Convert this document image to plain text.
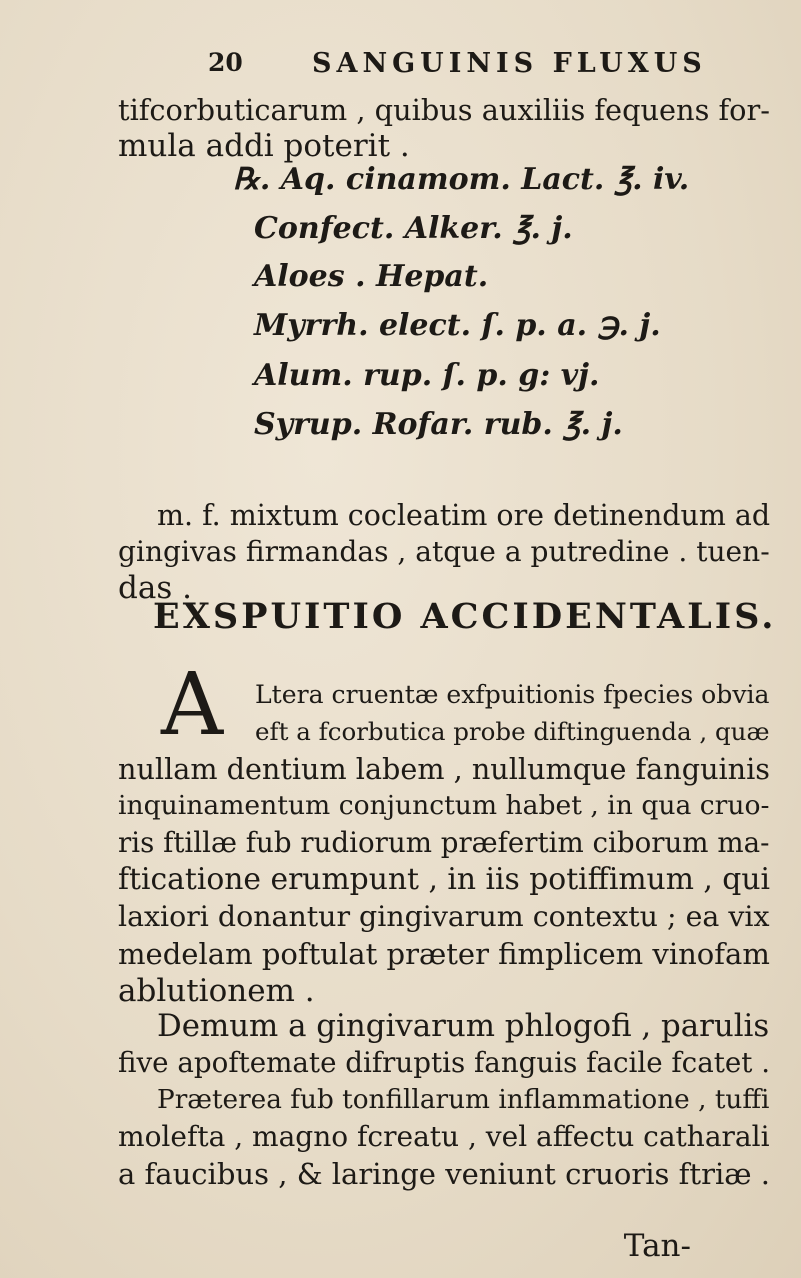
20	SANGUINIS FLUXUS
tifcorbuticarum , quibus auxiliis fequens for-
mula addi poterit .
℞. Aq. cinamom. Lact. ℥. iv.
Confect. Alker. ℥. j.
Aloes . Hepat.
Myrrh. elect. ſ. p. a. ℈. j.
Alum. rup. ſ. p. g: vj.
Syrup. Rofar. rub. ℥. j.
m. f. mixtum cocleatim ore detinendum ad
gingivas firmandas , atque a putredine . tuen-
das .
EXSPUITIO ACCIDENTALIS.
A Ltera cruentæ exfpuitionis fpecies obvia
eft a fcorbutica probe diftinguenda , quæ
nullam dentium labem , nullumque fanguinis
inquinamentum conjunctum habet , in qua cruo-
ris ftillæ fub rudiorum præfertim ciborum ma-
fticatione erumpunt , in iis potiffimum , qui
laxiori donantur gingivarum contextu ; ea vix
medelam poftulat præter fimplicem vinofam
ablutionem .
Demum a gingivarum phlogofi , parulis
five apoftemate difruptis fanguis facile fcatet .
Præterea fub tonfillarum inflammatione , tuffi
molefta , magno fcreatu , vel affectu catharali
a faucibus , & laringe veniunt cruoris ftriæ .
Tan-
